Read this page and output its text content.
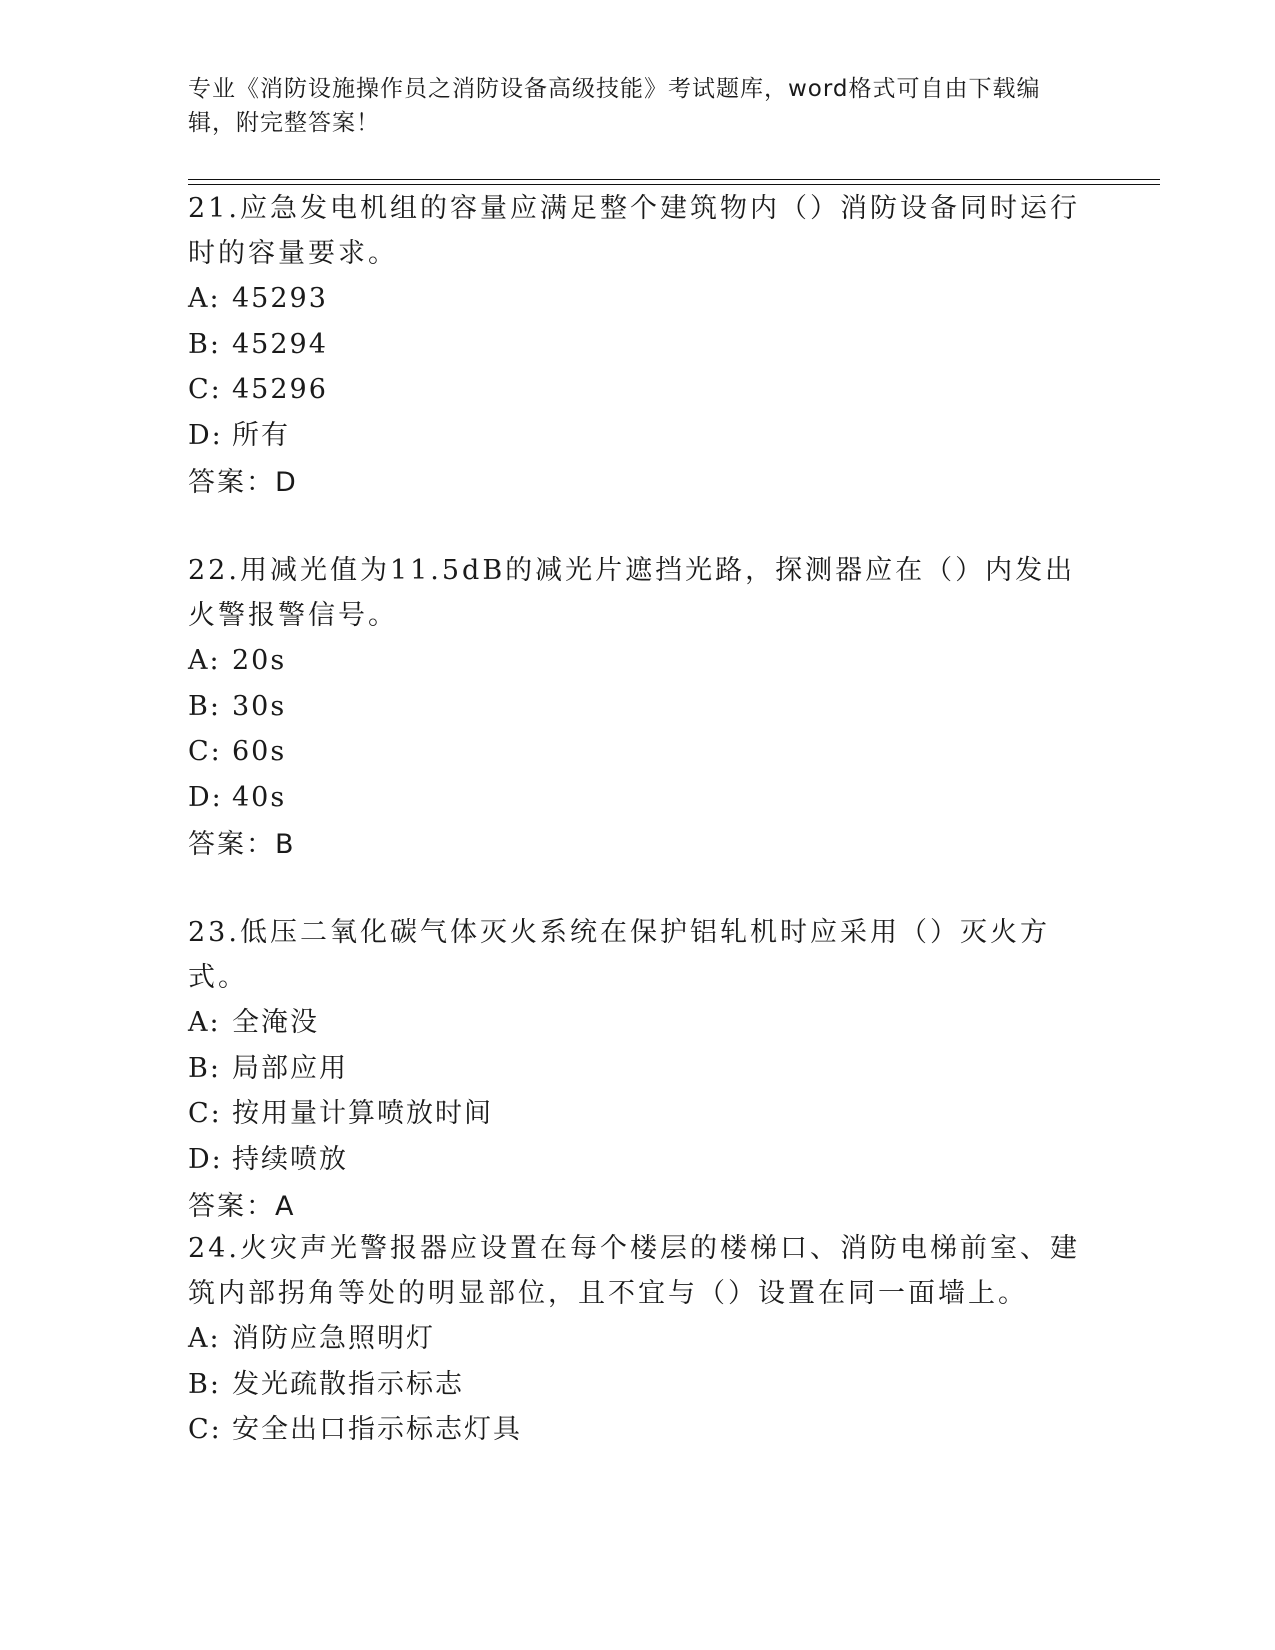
专业《消防设施操作员之消防设备高级技能》考试题库，word格式可自由下载编辑，附完整答案！

21.应急发电机组的容量应满足整个建筑物内（）消防设备同时运行时的容量要求。

A: 45293
B: 45294
C: 45296
D: 所有
答案：D

22.用减光值为11.5dB的减光片遮挡光路，探测器应在（）内发出火警报警信号。

A: 20s
B: 30s
C: 60s
D: 40s
答案：B

23.低压二氧化碳气体灭火系统在保护铝轧机时应采用（）灭火方式。

A: 全淹没
B: 局部应用
C: 按用量计算喷放时间
D: 持续喷放
答案：A

24.火灾声光警报器应设置在每个楼层的楼梯口、消防电梯前室、建筑内部拐角等处的明显部位，且不宜与（）设置在同一面墙上。

A: 消防应急照明灯
B: 发光疏散指示标志
C: 安全出口指示标志灯具
